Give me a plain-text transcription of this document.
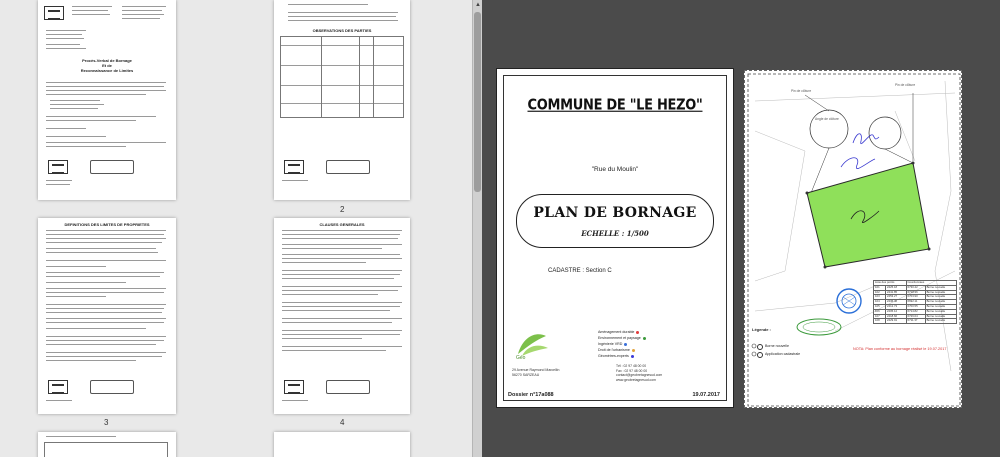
Procès-Verbal de Bornage
Et de
Reconnaissance de Limites
OBSERVATIONS DES PARTIES
2
DEFINITIONS DES LIMITES DE PROPRIETES
3
CLAUSES GENERALES
4
▲
COMMUNE DE "LE HEZO"
"Rue du Moulin"
PLAN DE BORNAGE
ECHELLE : 1/500
CADASTRE : Section C
Géo
29 Avenue Raymond Marcellin 56270 SARZEAU
Aménagement durable
Environnement et paysage
Ingénierie VRD
Droit de l'urbanisme
Géomètres-experts
Tél : 02 97 48 00 00
Fax : 02 97 48 00 00
contact@geobretagnesud.com
www.geobretagnesud.com
Dossier n°17a088	19.07.2017
Angle de clôture
Pin de clôture
Pin de clôture
Liste des points		Coordonnées	
101	2425.18	6730.42	Borne nouvelle
102	2441.85	6718.36	Borne nouvelle
103	2453.27	6703.90	Borne nouvelle
104	2436.40	6692.11	Borne nouvelle
105	2412.73	6700.55	Borne nouvelle
106	2405.12	6714.82	Borne nouvelle
107	2418.66	6726.04	Borne nouvelle
108	2429.91	6711.37	Borne nouvelle
Légende :
Borne nouvelle
Application cadastrale
NOTA: Plan conforme au bornage réalisé le 19.07.2017
